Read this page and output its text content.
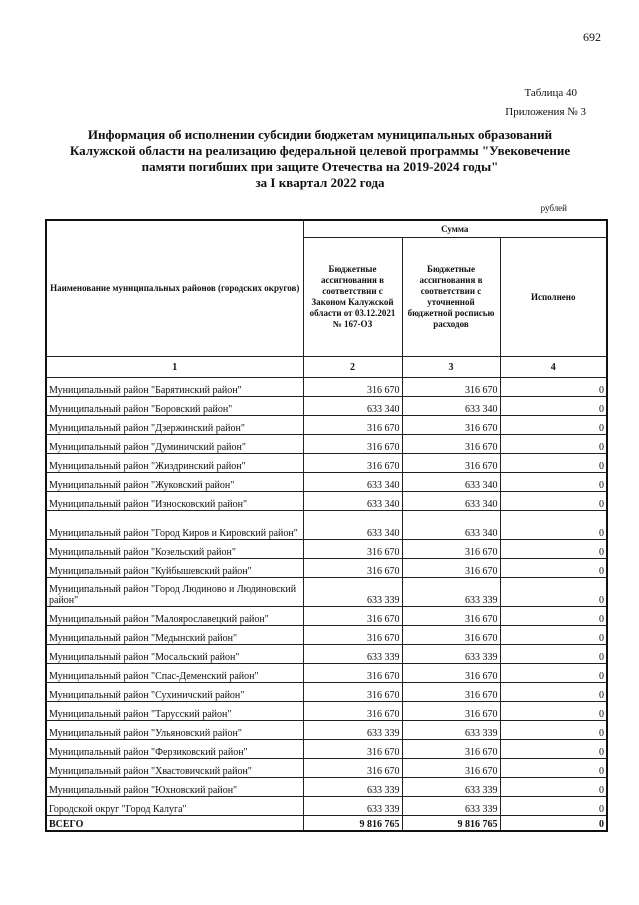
692
Таблица 40
Приложения № 3
Информация об исполнении субсидии бюджетам муниципальных образований
Калужской области на реализацию федеральной целевой программы "Увековечение
памяти погибших при защите Отечества на 2019-2024 годы"
за I квартал 2022 года
рублей
Наименование муниципальных районов (городских округов)	Сумма		
	Бюджетные ассигнования в соответствии с Законом Калужской области от 03.12.2021 № 167-ОЗ	Бюджетные ассигнования в соответствии с уточненной бюджетной росписью расходов	Исполнено
1	2	3	4
Муниципальный район "Барятинский район"	316 670	316 670	0
Муниципальный район "Боровский район"	633 340	633 340	0
Муниципальный район "Дзержинский район"	316 670	316 670	0
Муниципальный район "Думиничский район"	316 670	316 670	0
Муниципальный район "Жиздринский район"	316 670	316 670	0
Муниципальный район "Жуковский район"	633 340	633 340	0
Муниципальный район "Износковский район"	633 340	633 340	0
Муниципальный район "Город Киров и Кировский район"	633 340	633 340	0
Муниципальный район "Козельский район"	316 670	316 670	0
Муниципальный район "Куйбышевский район"	316 670	316 670	0
Муниципальный район "Город Людиново и Людиновский район"	633 339	633 339	0
Муниципальный район "Малоярославецкий район"	316 670	316 670	0
Муниципальный район "Медынский район"	316 670	316 670	0
Муниципальный район "Мосальский район"	633 339	633 339	0
Муниципальный район "Спас-Деменский район"	316 670	316 670	0
Муниципальный район "Сухиничский район"	316 670	316 670	0
Муниципальный район "Тарусский район"	316 670	316 670	0
Муниципальный район "Ульяновский район"	633 339	633 339	0
Муниципальный район "Ферзиковский район"	316 670	316 670	0
Муниципальный район "Хвастовичский район"	316 670	316 670	0
Муниципальный район "Юхновский район"	633 339	633 339	0
Городской округ "Город Калуга"	633 339	633 339	0
ВСЕГО	9 816 765	9 816 765	0
